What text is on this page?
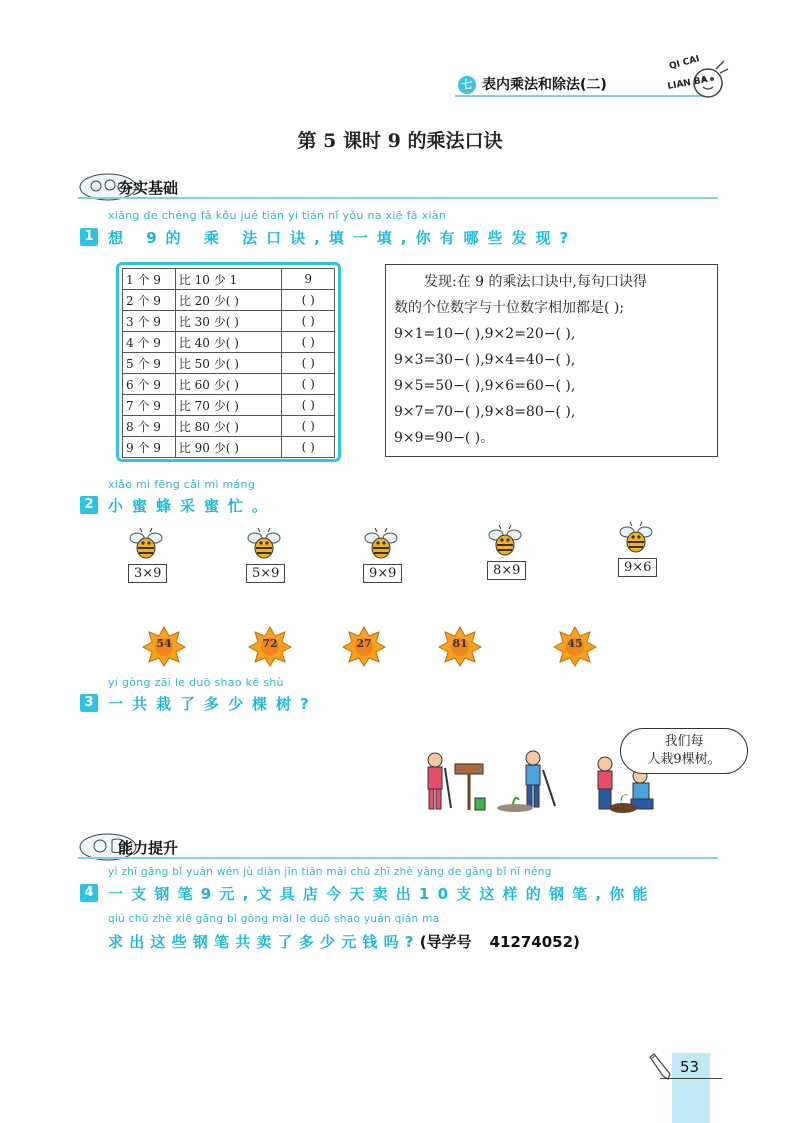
七 表内乘法和除法(二)
QI CAI
LIAN BA
第 5 课时 9 的乘法口诀
夯实基础
xiǎng de chéng fǎ kǒu jué tián yi tián nǐ yǒu na xiē fā xiàn
1 想 9的 乘 法口诀,填一填,你有哪些发现?
1 个 9	比 10 少 1	9
2 个 9	比 20 少( )	( )
3 个 9	比 30 少( )	( )
4 个 9	比 40 少( )	( )
5 个 9	比 50 少( )	( )
6 个 9	比 60 少( )	( )
7 个 9	比 70 少( )	( )
8 个 9	比 80 少( )	( )
9 个 9	比 90 少( )	( )
发现:在 9 的乘法口诀中,每句口诀得
数的个位数字与十位数字相加都是( );
9×1=10−( ),9×2=20−( ),
9×3=30−( ),9×4=40−( ),
9×5=50−( ),9×6=60−( ),
9×7=70−( ),9×8=80−( ),
9×9=90−( )。
xiǎo mì fēng cǎi mì máng
2 小蜜蜂采蜜忙。
3×9	5×9	9×9	8×9	9×6
54	72	27	81	45
yí gòng zāi le duō shao kē shù
3 一共栽了多少棵树?
我们每
人栽9棵树。
能力提升
yì zhī gāng bǐ yuán wén jù diàn jīn tiān mài chū zhī zhè yàng de gāng bǐ nǐ néng
4 一支钢笔9元,文具店今天卖出10支这样的钢笔,你能
qiú chū zhè xiē gāng bǐ gòng mài le duō shao yuán qián ma
求出这些钢笔共卖了多少元钱吗?(导学号 41274052)
53
